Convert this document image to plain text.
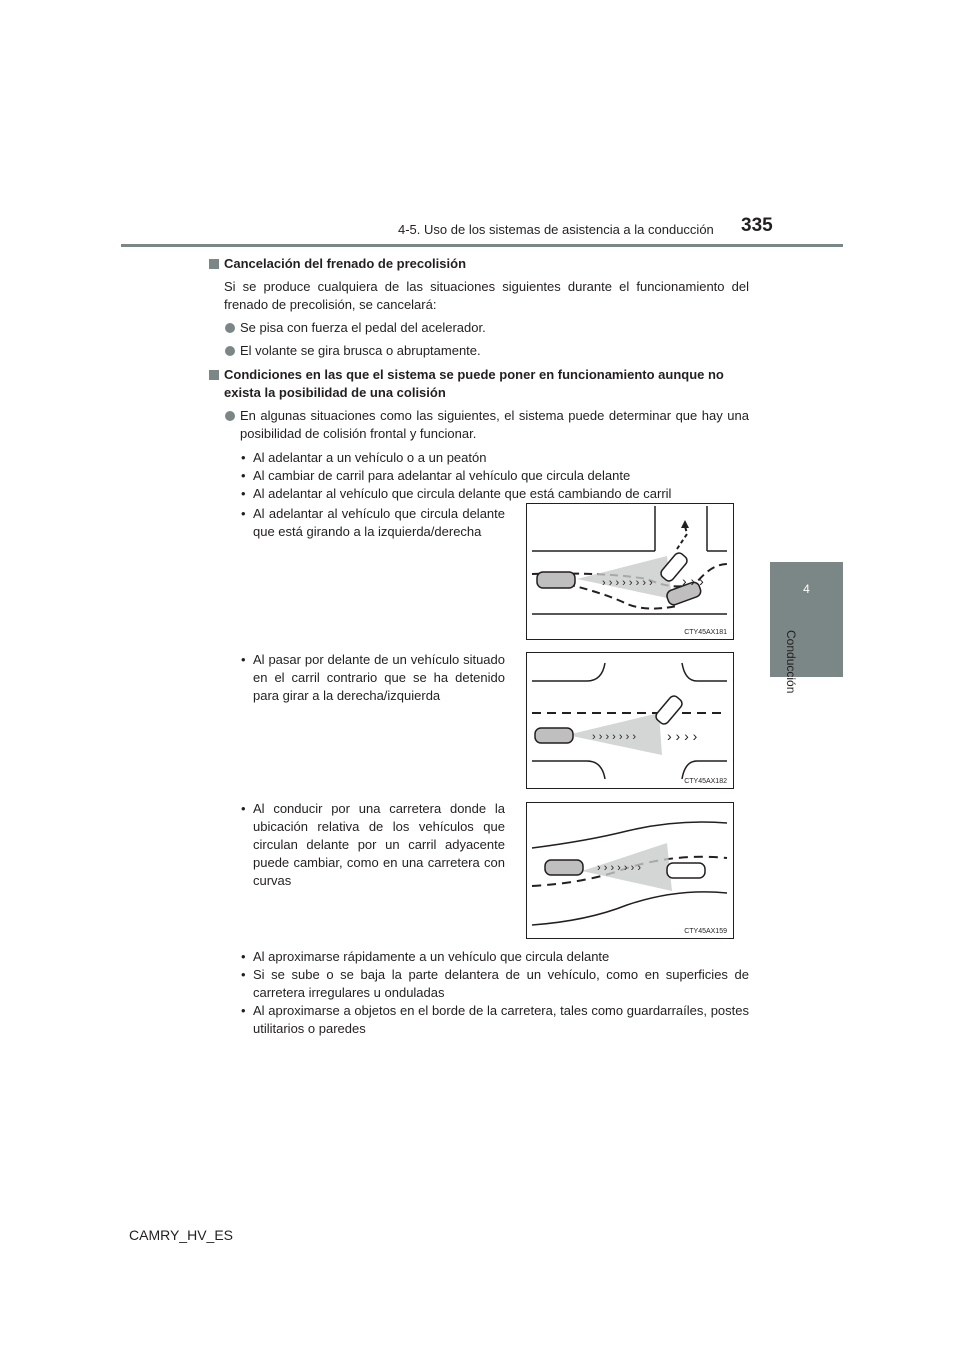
4-5. Uso de los sistemas de asistencia a la conducción 335
4
Conducción
Cancelación del frenado de precolisión
Si se produce cualquiera de las situaciones siguientes durante el funcionamiento del frenado de precolisión, se cancelará:
Se pisa con fuerza el pedal del acelerador.
El volante se gira brusca o abruptamente.
Condiciones en las que el sistema se puede poner en funcionamiento aunque no exista la posibilidad de una colisión
En algunas situaciones como las siguientes, el sistema puede determinar que hay una posibilidad de colisión frontal y funcionar.
• Al adelantar a un vehículo o a un peatón
• Al cambiar de carril para adelantar al vehículo que circula delante
• Al adelantar al vehículo que circula delante que está cambiando de carril
• Al adelantar al vehículo que circula delante que está girando a la izquierda/derecha
› › › › › › › › › › ›
CTY45AX181
• Al pasar por delante de un vehículo situado en el carril contrario que se ha detenido para girar a la derecha/izquierda
› › › › › › › › › › ›
CTY45AX182
• Al conducir por una carretera donde la ubicación relativa de los vehículos que circulan delante por un carril adyacente puede cambiar, como en una carretera con curvas
› › › › › › ›
CTY45AX159
• Al aproximarse rápidamente a un vehículo que circula delante
• Si se sube o se baja la parte delantera de un vehículo, como en superficies de carretera irregulares u onduladas
• Al aproximarse a objetos en el borde de la carretera, tales como guardarraíles, postes utilitarios o paredes
CAMRY_HV_ES
